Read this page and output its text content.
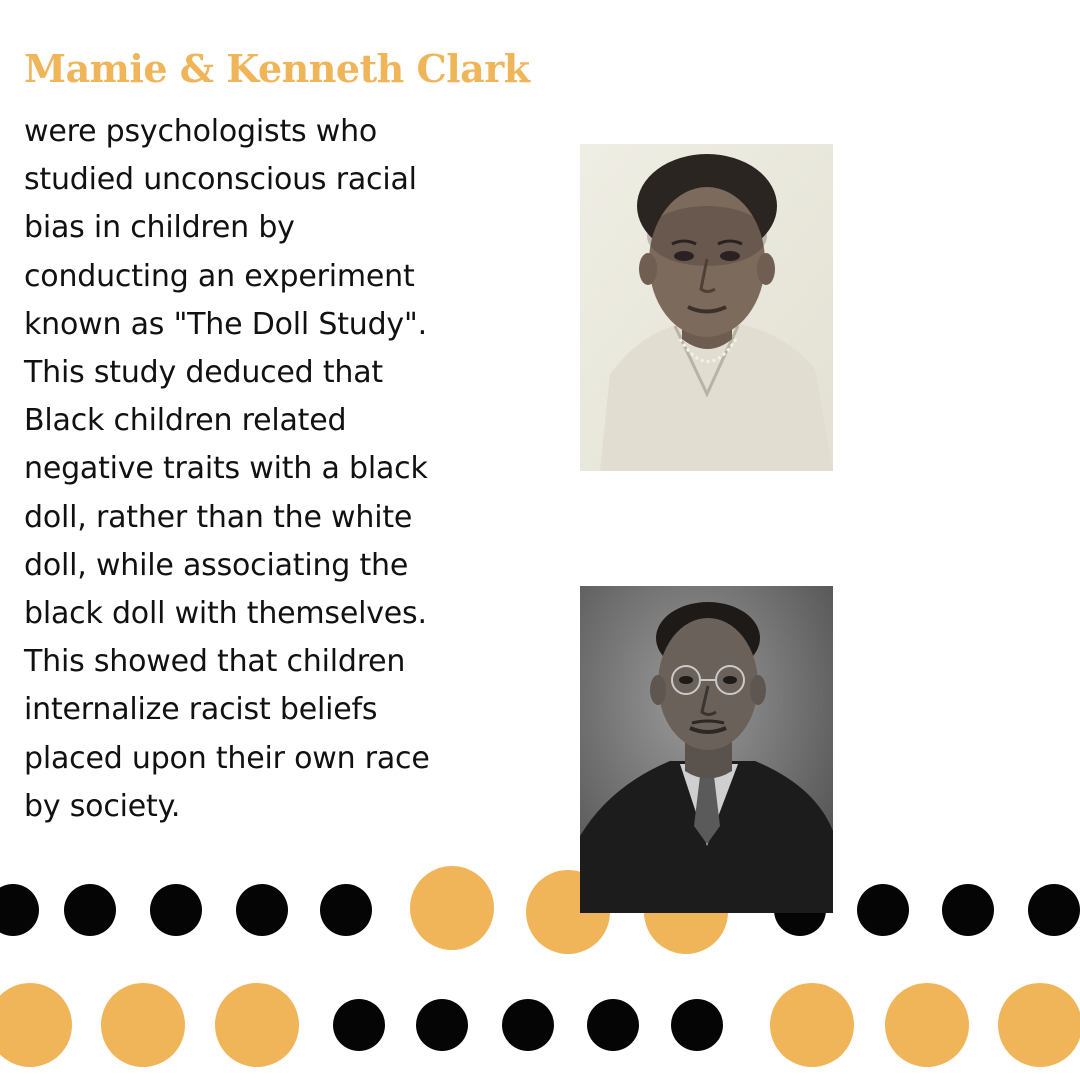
Mamie & Kenneth Clark

were psychologists who
studied unconscious racial
bias in children by
conducting an experiment
known as "The Doll Study".
This study deduced that
Black children related
negative traits with a black
doll, rather than the white
doll, while associating the
black doll with themselves.
This showed that children
internalize racist beliefs
placed upon their own race
by society.
